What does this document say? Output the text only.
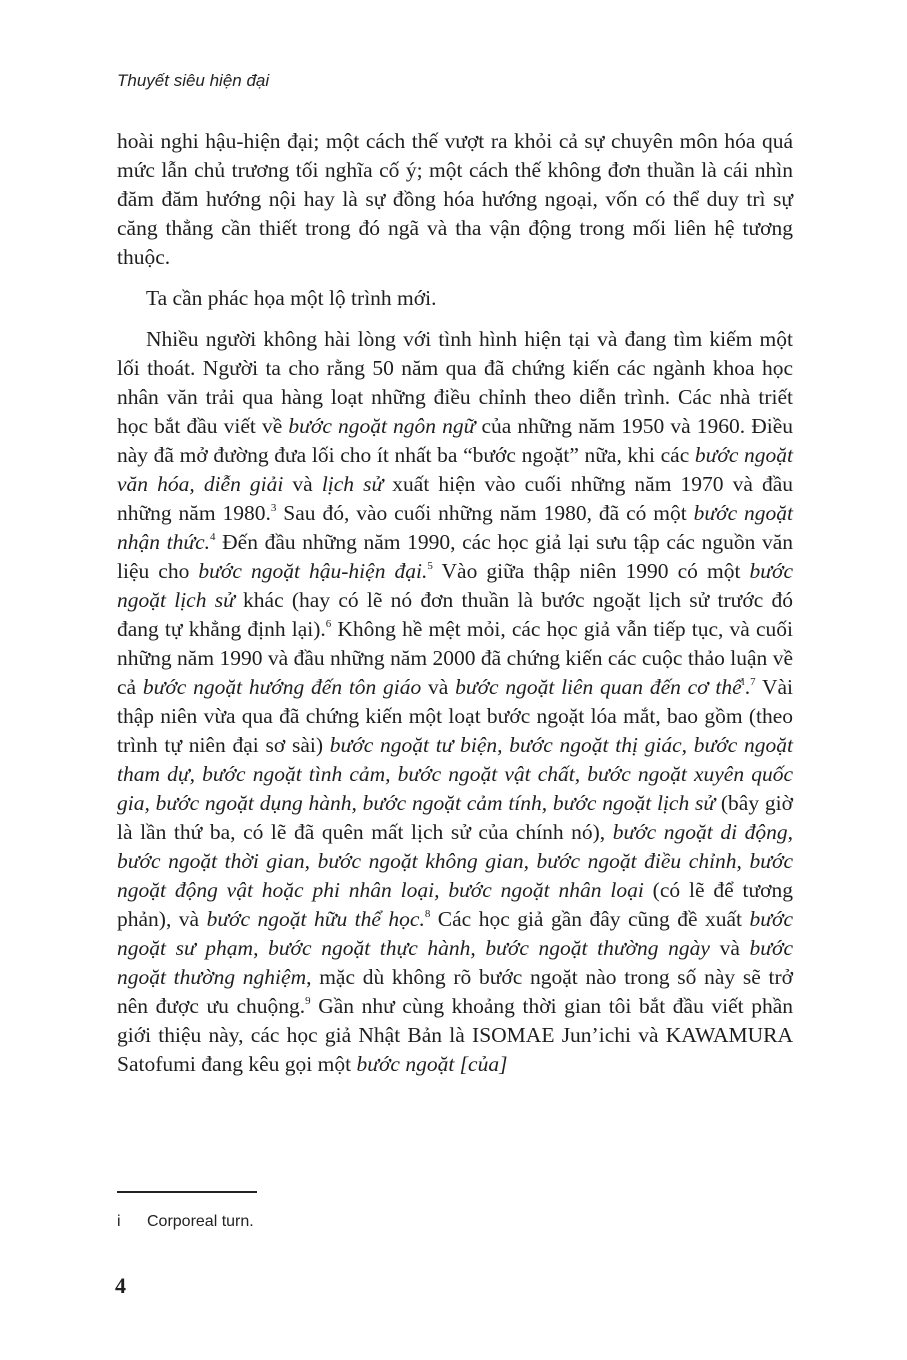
Thuyết siêu hiện đại

hoài nghi hậu-hiện đại; một cách thế vượt ra khỏi cả sự chuyên môn hóa quá mức lẫn chủ trương tối nghĩa cố ý; một cách thế không đơn thuần là cái nhìn đăm đăm hướng nội hay là sự đồng hóa hướng ngoại, vốn có thể duy trì sự căng thẳng cần thiết trong đó ngã và tha vận động trong mối liên hệ tương thuộc.

Ta cần phác họa một lộ trình mới.

Nhiều người không hài lòng với tình hình hiện tại và đang tìm kiếm một lối thoát. Người ta cho rằng 50 năm qua đã chứng kiến các ngành khoa học nhân văn trải qua hàng loạt những điều chỉnh theo diễn trình. Các nhà triết học bắt đầu viết về bước ngoặt ngôn ngữ của những năm 1950 và 1960. Điều này đã mở đường đưa lối cho ít nhất ba “bước ngoặt” nữa, khi các bước ngoặt văn hóa, diễn giải và lịch sử xuất hiện vào cuối những năm 1970 và đầu những năm 1980.$^3$ Sau đó, vào cuối những năm 1980, đã có một bước ngoặt nhận thức.$^4$ Đến đầu những năm 1990, các học giả lại sưu tập các nguồn văn liệu cho bước ngoặt hậu-hiện đại.$^5$ Vào giữa thập niên 1990 có một bước ngoặt lịch sử khác (hay có lẽ nó đơn thuần là bước ngoặt lịch sử trước đó đang tự khẳng định lại).$^6$ Không hề mệt mỏi, các học giả vẫn tiếp tục, và cuối những năm 1990 và đầu những năm 2000 đã chứng kiến các cuộc thảo luận về cả bước ngoặt hướng đến tôn giáo và bước ngoặt liên quan đến cơ thể$^i$.$^7$ Vài thập niên vừa qua đã chứng kiến một loạt bước ngoặt lóa mắt, bao gồm (theo trình tự niên đại sơ sài) bước ngoặt tư biện, bước ngoặt thị giác, bước ngoặt tham dự, bước ngoặt tình cảm, bước ngoặt vật chất, bước ngoặt xuyên quốc gia, bước ngoặt dụng hành, bước ngoặt cảm tính, bước ngoặt lịch sử (bây giờ là lần thứ ba, có lẽ đã quên mất lịch sử của chính nó), bước ngoặt di động, bước ngoặt thời gian, bước ngoặt không gian, bước ngoặt điều chỉnh, bước ngoặt động vật hoặc phi nhân loại, bước ngoặt nhân loại (có lẽ để tương phản), và bước ngoặt hữu thể học.$^8$ Các học giả gần đây cũng đề xuất bước ngoặt sư phạm, bước ngoặt thực hành, bước ngoặt thường ngày và bước ngoặt thường nghiệm, mặc dù không rõ bước ngoặt nào trong số này sẽ trở nên được ưu chuộng.$^9$ Gần như cùng khoảng thời gian tôi bắt đầu viết phần giới thiệu này, các học giả Nhật Bản là ISOMAE Jun’ichi và KAWAMURA Satofumi đang kêu gọi một bước ngoặt [của]

i Corporeal turn.
4
